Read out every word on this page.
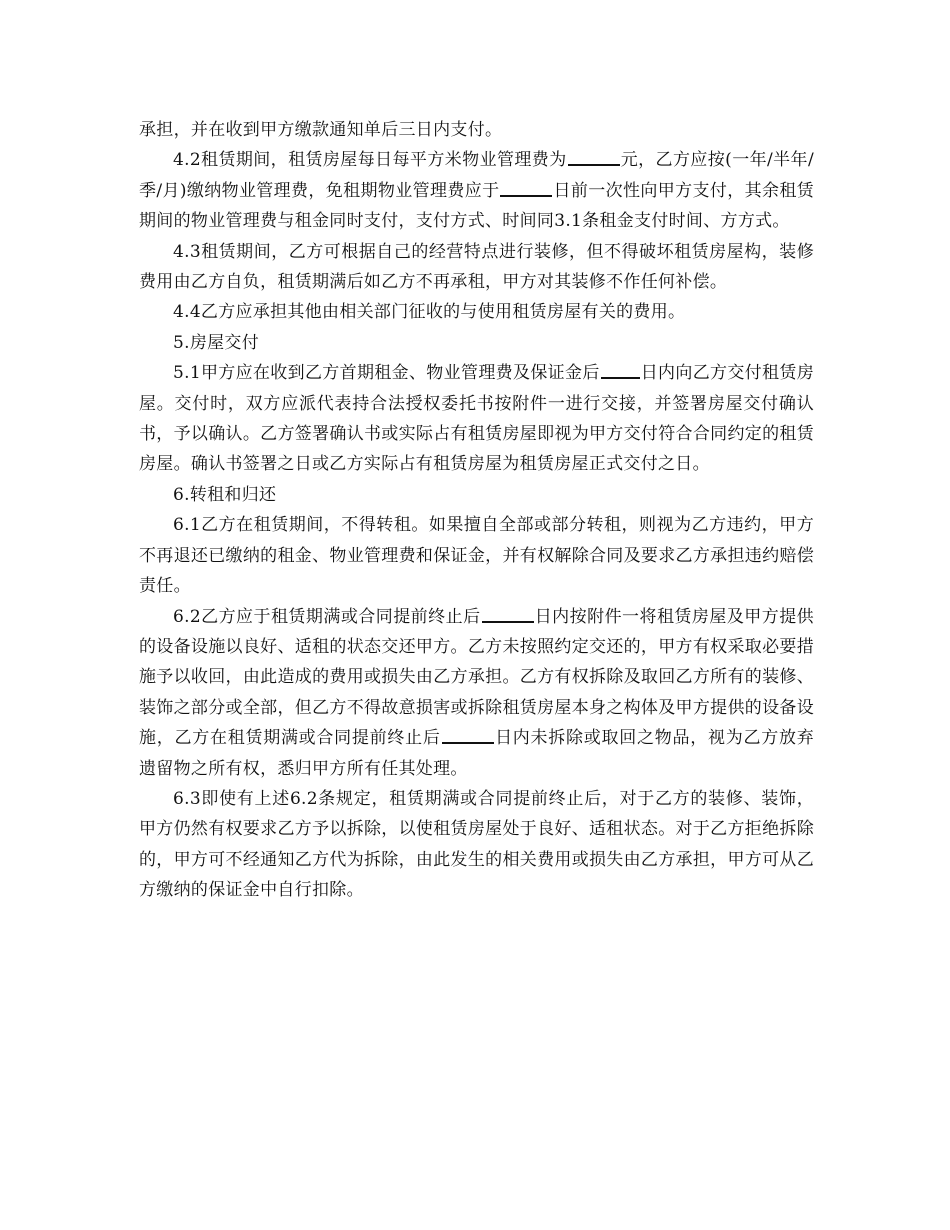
承担，并在收到甲方缴款通知单后三日内支付。

4.2租赁期间，租赁房屋每日每平方米物业管理费为	元，乙方应按(一年/半年/季/月)缴纳物业管理费，免租期物业管理费应于	日前一次性向甲方支付，其余租赁期间的物业管理费与租金同时支付，支付方式、时间同3.1条租金支付时间、方方式。

4.3租赁期间，乙方可根据自己的经营特点进行装修，但不得破坏租赁房屋构，装修费用由乙方自负，租赁期满后如乙方不再承租，甲方对其装修不作任何补偿。

4.4乙方应承担其他由相关部门征收的与使用租赁房屋有关的费用。

5.房屋交付

5.1甲方应在收到乙方首期租金、物业管理费及保证金后 日内向乙方交付租赁房屋。交付时，双方应派代表持合法授权委托书按附件一进行交接，并签署房屋交付确认书，予以确认。乙方签署确认书或实际占有租赁房屋即视为甲方交付符合合同约定的租赁房屋。确认书签署之日或乙方实际占有租赁房屋为租赁房屋正式交付之日。

6.转租和归还

6.1乙方在租赁期间，不得转租。如果擅自全部或部分转租，则视为乙方违约，甲方不再退还已缴纳的租金、物业管理费和保证金，并有权解除合同及要求乙方承担违约赔偿责任。

6.2乙方应于租赁期满或合同提前终止后	日内按附件一将租赁房屋及甲方提供的设备设施以良好、适租的状态交还甲方。乙方未按照约定交还的，甲方有权采取必要措施予以收回，由此造成的费用或损失由乙方承担。乙方有权拆除及取回乙方所有的装修、装饰之部分或全部，但乙方不得故意损害或拆除租赁房屋本身之构体及甲方提供的设备设施，乙方在租赁期满或合同提前终止后	日内未拆除或取回之物品，视为乙方放弃遗留物之所有权，悉归甲方所有任其处理。

6.3即使有上述6.2条规定，租赁期满或合同提前终止后，对于乙方的装修、装饰，甲方仍然有权要求乙方予以拆除，以使租赁房屋处于良好、适租状态。对于乙方拒绝拆除的，甲方可不经通知乙方代为拆除，由此发生的相关费用或损失由乙方承担，甲方可从乙方缴纳的保证金中自行扣除。
